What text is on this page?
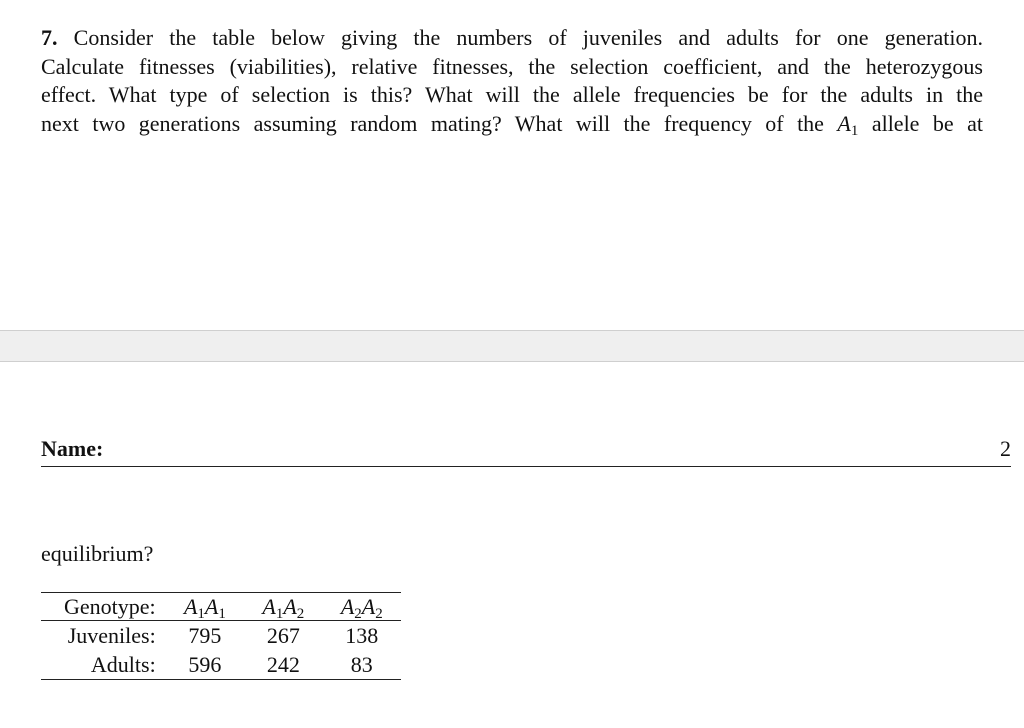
7. Consider the table below giving the numbers of juveniles and adults for one generation.
Calculate fitnesses (viabilities), relative fitnesses, the selection coefficient, and the heterozygous
effect. What type of selection is this? What will the allele frequencies be for the adults in the
next two generations assuming random mating? What will the frequency of the $A_1$ allele be at
Name:	2
equilibrium?
Genotype:	$A_1A_1$	$A_1A_2$	$A_2A_2$
Juveniles:	795	267	138
Adults:	596	242	83
